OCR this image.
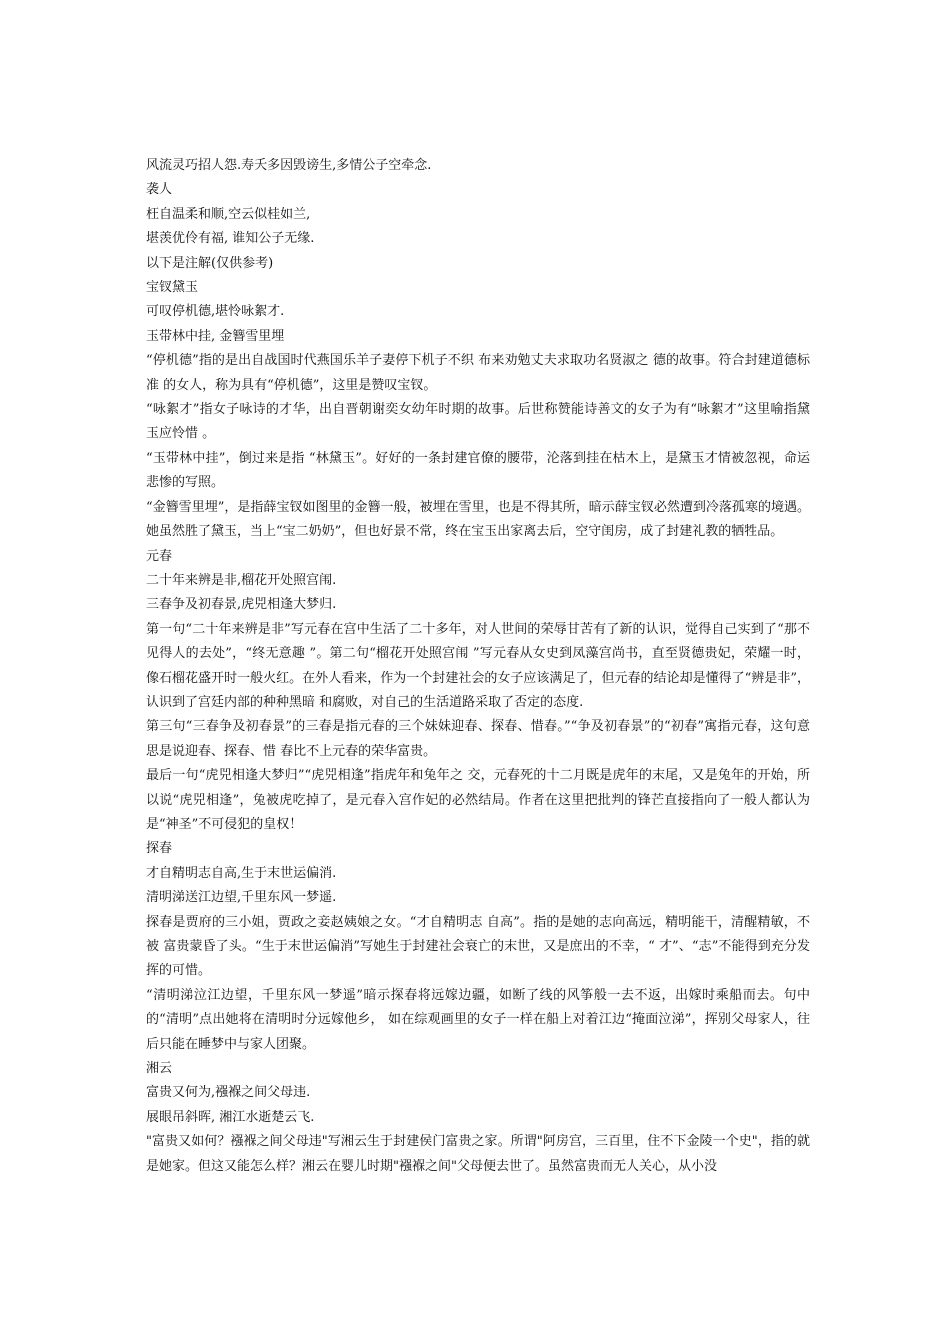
风流灵巧招人怨.寿夭多因毁谤生,多情公子空牵念.

袭人

枉自温柔和顺,空云似桂如兰,

堪羡优伶有福, 谁知公子无缘.

以下是注解(仅供参考)

宝钗黛玉

可叹停机德,堪怜咏絮才.

玉带林中挂, 金簪雪里埋

“停机德”指的是出自战国时代燕国乐羊子妻停下机子不织 布来劝勉丈夫求取功名贤淑之 德的故事。符合封建道德标准 的女人，称为具有“停机德”，这里是赞叹宝钗。

“咏絮才”指女子咏诗的才华，出自晋朝谢奕女幼年时期的故事。后世称赞能诗善文的女子为有“咏絮才”这里喻指黛 玉应怜惜 。

“玉带林中挂”，倒过来是指 “林黛玉”。好好的一条封建官僚的腰带，沦落到挂在枯木上，是黛玉才情被忽视，命运悲惨的写照。

“金簪雪里埋”，是指薛宝钗如图里的金簪一般，被埋在雪里，也是不得其所，暗示薛宝钗必然遭到冷落孤寒的境遇。她虽然胜了黛玉，当上“宝二奶奶”，但也好景不常，终在宝玉出家离去后，空守闺房，成了封建礼教的牺牲品。

元春

二十年来辨是非,榴花开处照宫闱.

三春争及初春景,虎兕相逢大梦归.

第一句“二十年来辨是非”写元春在宫中生活了二十多年，对人世间的荣辱甘苦有了新的认识，觉得自己实到了“那不 见得人的去处”，“终无意趣 ”。第二句“榴花开处照宫闱 ”写元春从女史到凤藻宫尚书，直至贤德贵妃，荣耀一时，像石榴花盛开时一般火红。在外人看来，作为一个封建社会的女子应该满足了，但元春的结论却是懂得了“辨是非”，认识到了宫廷内部的种种黑暗 和腐败，对自己的生活道路采取了否定的态度.

第三句“三春争及初春景”的三春是指元春的三个妹妹迎春、探春、惜春。”“争及初春景”的“初春”寓指元春，这句意思是说迎春、探春、惜 春比不上元春的荣华富贵。

最后一句“虎兕相逢大梦归”“虎兕相逢”指虎年和兔年之 交，元春死的十二月既是虎年的末尾，又是兔年的开始，所以说“虎兕相逢”，兔被虎吃掉了，是元春入宫作妃的必然结局。作者在这里把批判的锋芒直接指向了一般人都认为是“神圣”不可侵犯的皇权！

探春

才自精明志自高,生于末世运偏消.

清明涕送江边望,千里东风一梦遥.

探春是贾府的三小姐，贾政之妾赵姨娘之女。“才自精明志 自高”。指的是她的志向高远，精明能干，清醒精敏，不被 富贵蒙昏了头。“生于末世运偏消”写她生于封建社会衰亡的末世，又是庶出的不幸，“ 才”、“志”不能得到充分发 挥的可惜。

“清明涕泣江边望，千里东风一梦遥”暗示探春将远嫁边疆，如断了线的风筝般一去不返，出嫁时乘船而去。句中的“清明”点出她将在清明时分远嫁他乡， 如在综观画里的女子一样在船上对着江边“掩面泣涕”，挥别父母家人，往后只能在睡梦中与家人团聚。

湘云

富贵又何为,襁褓之间父母违.

展眼吊斜晖, 湘江水逝楚云飞.

"富贵又如何？襁褓之间父母违"写湘云生于封建侯门富贵之家。所谓"阿房宫，三百里，住不下金陵一个史"，指的就是她家。但这又能怎么样？湘云在婴儿时期"襁褓之间"父母便去世了。虽然富贵而无人关心，从小没
